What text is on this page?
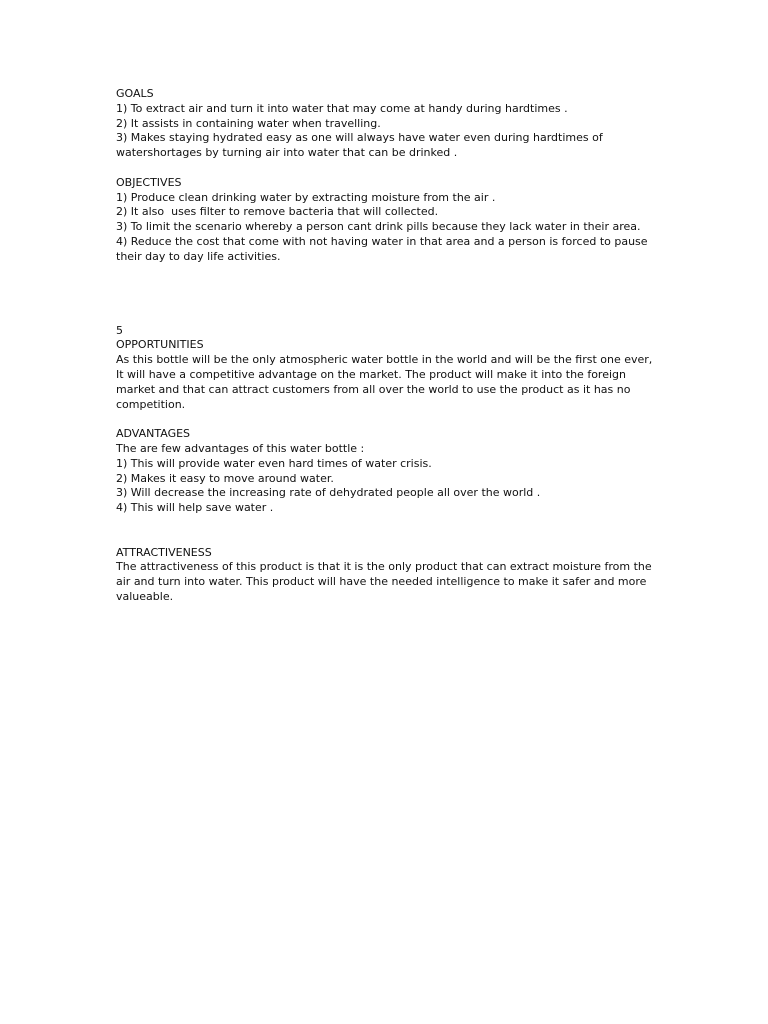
GOALS

1) To extract air and turn it into water that may come at handy during hardtimes .

2) It assists in containing water when travelling.

3) Makes staying hydrated easy as one will always have water even during hardtimes of watershortages by turning air into water that can be drinked .

OBJECTIVES

1) Produce clean drinking water by extracting moisture from the air .

2) It also  uses filter to remove bacteria that will collected.

3) To limit the scenario whereby a person cant drink pills because they lack water in their area.

4) Reduce the cost that come with not having water in that area and a person is forced to pause their day to day life activities.

5

OPPORTUNITIES

As this bottle will be the only atmospheric water bottle in the world and will be the first one ever, It will have a competitive advantage on the market. The product will make it into the foreign market and that can attract customers from all over the world to use the product as it has no competition.

ADVANTAGES

The are few advantages of this water bottle :

1) This will provide water even hard times of water crisis.

2) Makes it easy to move around water.

3) Will decrease the increasing rate of dehydrated people all over the world .

4) This will help save water .

ATTRACTIVENESS

The attractiveness of this product is that it is the only product that can extract moisture from the air and turn into water. This product will have the needed intelligence to make it safer and more valueable.
